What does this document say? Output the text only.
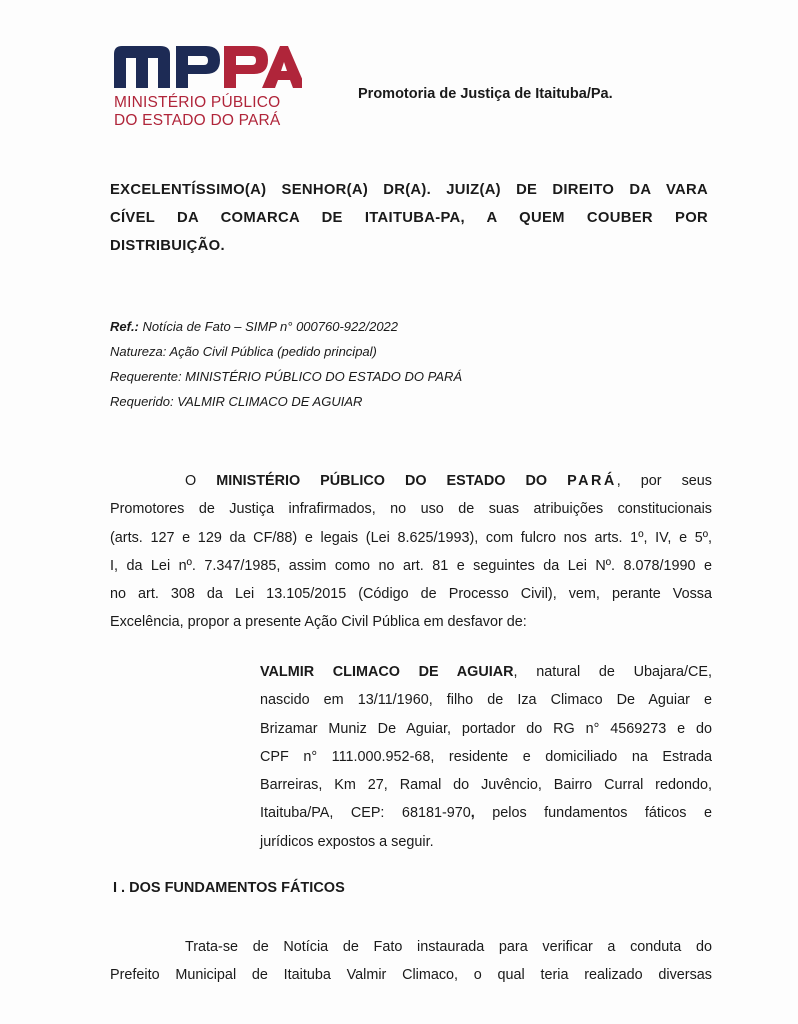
MINISTÉRIO PÚBLICO
DO ESTADO DO PARÁ
Promotoria de Justiça de Itaituba/Pa.
EXCELENTÍSSIMO(A) SENHOR(A) DR(A). JUIZ(A) DE DIREITO DA VARA
CÍVEL DA COMARCA DE ITAITUBA-PA, A QUEM COUBER POR
DISTRIBUIÇÃO.
Ref.: Notícia de Fato – SIMP n° 000760-922/2022
Natureza: Ação Civil Pública (pedido principal)
Requerente: MINISTÉRIO PÚBLICO DO ESTADO DO PARÁ
Requerido: VALMIR CLIMACO DE AGUIAR
O MINISTÉRIO PÚBLICO DO ESTADO DO PARÁ, por seus
Promotores de Justiça infrafirmados, no uso de suas atribuições constitucionais
(arts. 127 e 129 da CF/88) e legais (Lei 8.625/1993), com fulcro nos arts. 1º, IV, e 5º,
I, da Lei nº. 7.347/1985, assim como no art. 81 e seguintes da Lei Nº. 8.078/1990 e
no art. 308 da Lei 13.105/2015 (Código de Processo Civil), vem, perante Vossa
Excelência, propor a presente Ação Civil Pública em desfavor de:
VALMIR CLIMACO DE AGUIAR, natural de Ubajara/CE,
nascido em 13/11/1960, filho de Iza Climaco De Aguiar e
Brizamar Muniz De Aguiar, portador do RG n° 4569273 e do
CPF n° 111.000.952-68, residente e domiciliado na Estrada
Barreiras, Km 27, Ramal do Juvêncio, Bairro Curral redondo,
Itaituba/PA, CEP: 68181-970, pelos fundamentos fáticos e
jurídicos expostos a seguir.
I . DOS FUNDAMENTOS FÁTICOS
Trata-se de Notícia de Fato instaurada para verificar a conduta do
Prefeito Municipal de Itaituba Valmir Climaco, o qual teria realizado diversas
